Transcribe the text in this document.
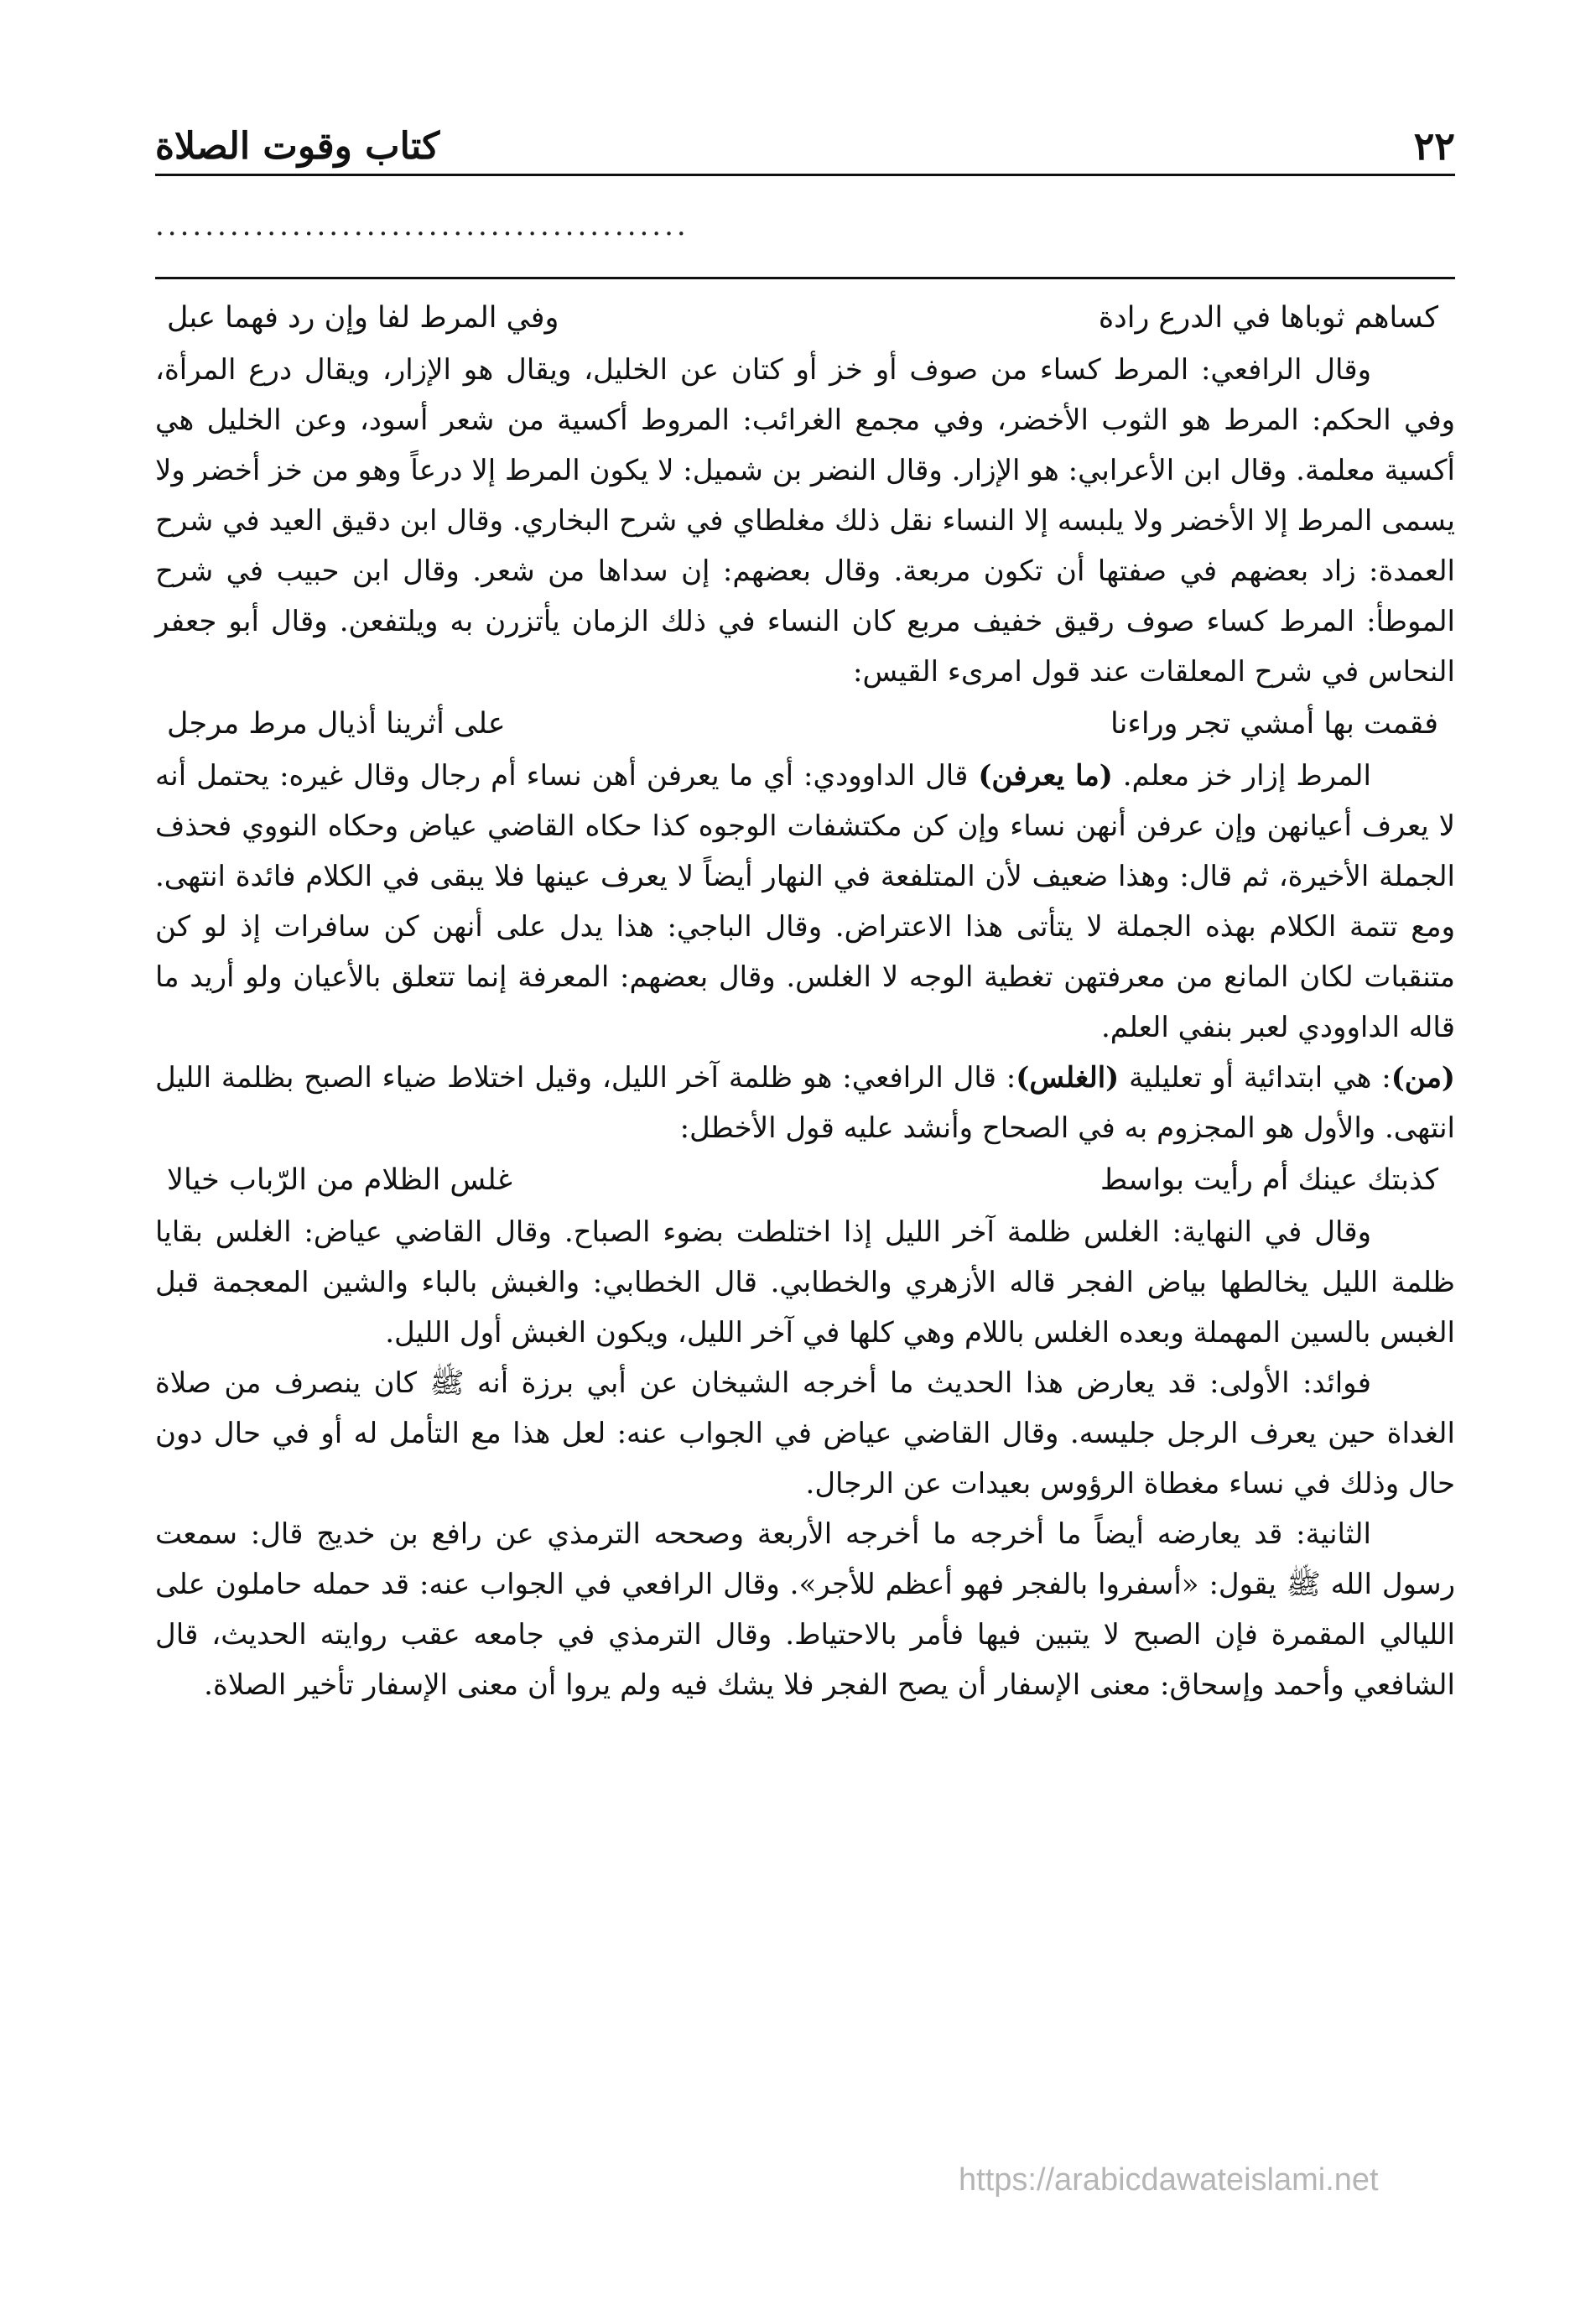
٢٢
كتاب وقوت الصلاة
...........................................
كساهم ثوباها في الدرع رادة
وفي المرط لفا وإن رد فهما عبل

وقال الرافعي: المرط كساء من صوف أو خز أو كتان عن الخليل، ويقال هو الإزار، ويقال درع المرأة، وفي الحكم: المرط هو الثوب الأخضر، وفي مجمع الغرائب: المروط أكسية من شعر أسود، وعن الخليل هي أكسية معلمة. وقال ابن الأعرابي: هو الإزار. وقال النضر بن شميل: لا يكون المرط إلا درعاً وهو من خز أخضر ولا يسمى المرط إلا الأخضر ولا يلبسه إلا النساء نقل ذلك مغلطاي في شرح البخاري. وقال ابن دقيق العيد في شرح العمدة: زاد بعضهم في صفتها أن تكون مربعة. وقال بعضهم: إن سداها من شعر. وقال ابن حبيب في شرح الموطأ: المرط كساء صوف رقيق خفيف مربع كان النساء في ذلك الزمان يأتزرن به ويلتفعن. وقال أبو جعفر النحاس في شرح المعلقات عند قول امرىء القيس:

فقمت بها أمشي تجر وراءنا
على أثرينا أذيال مرط مرجل

المرط إزار خز معلم. (ما يعرفن) قال الداوودي: أي ما يعرفن أهن نساء أم رجال وقال غيره: يحتمل أنه لا يعرف أعيانهن وإن عرفن أنهن نساء وإن كن مكتشفات الوجوه كذا حكاه القاضي عياض وحكاه النووي فحذف الجملة الأخيرة، ثم قال: وهذا ضعيف لأن المتلفعة في النهار أيضاً لا يعرف عينها فلا يبقى في الكلام فائدة انتهى. ومع تتمة الكلام بهذه الجملة لا يتأتى هذا الاعتراض. وقال الباجي: هذا يدل على أنهن كن سافرات إذ لو كن متنقبات لكان المانع من معرفتهن تغطية الوجه لا الغلس. وقال بعضهم: المعرفة إنما تتعلق بالأعيان ولو أريد ما قاله الداوودي لعبر بنفي العلم.

(من): هي ابتدائية أو تعليلية (الغلس): قال الرافعي: هو ظلمة آخر الليل، وقيل اختلاط ضياء الصبح بظلمة الليل انتهى. والأول هو المجزوم به في الصحاح وأنشد عليه قول الأخطل:

كذبتك عينك أم رأيت بواسط
غلس الظلام من الرّباب خيالا

وقال في النهاية: الغلس ظلمة آخر الليل إذا اختلطت بضوء الصباح. وقال القاضي عياض: الغلس بقايا ظلمة الليل يخالطها بياض الفجر قاله الأزهري والخطابي. قال الخطابي: والغبش بالباء والشين المعجمة قبل الغبس بالسين المهملة وبعده الغلس باللام وهي كلها في آخر الليل، ويكون الغبش أول الليل.

فوائد: الأولى: قد يعارض هذا الحديث ما أخرجه الشيخان عن أبي برزة أنه ﷺ كان ينصرف من صلاة الغداة حين يعرف الرجل جليسه. وقال القاضي عياض في الجواب عنه: لعل هذا مع التأمل له أو في حال دون حال وذلك في نساء مغطاة الرؤوس بعيدات عن الرجال.

الثانية: قد يعارضه أيضاً ما أخرجه ما أخرجه الأربعة وصححه الترمذي عن رافع بن خديج قال: سمعت رسول الله ﷺ يقول: «أسفروا بالفجر فهو أعظم للأجر». وقال الرافعي في الجواب عنه: قد حمله حاملون على الليالي المقمرة فإن الصبح لا يتبين فيها فأمر بالاحتياط. وقال الترمذي في جامعه عقب روايته الحديث، قال الشافعي وأحمد وإسحاق: معنى الإسفار أن يصح الفجر فلا يشك فيه ولم يروا أن معنى الإسفار تأخير الصلاة.

https://arabicdawateislami.net
